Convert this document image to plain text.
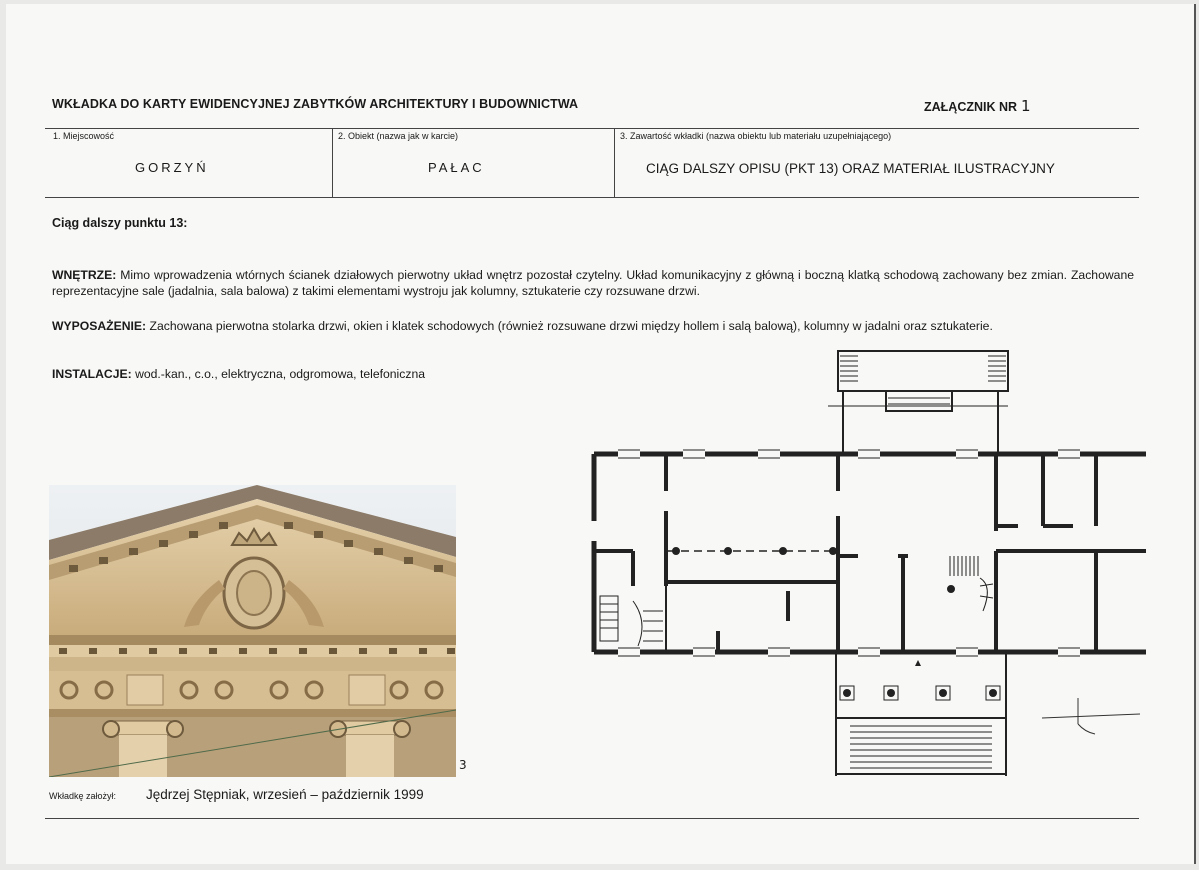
WKŁADKA DO KARTY EWIDENCYJNEJ ZABYTKÓW ARCHITEKTURY I BUDOWNICTWA	ZAŁĄCZNIK NR 1
1. Miejscowość
GORZYŃ
2. Obiekt (nazwa jak w karcie)
PAŁAC
3. Zawartość wkładki (nazwa obiektu lub materiału uzupełniającego)
CIĄG DALSZY OPISU (PKT 13) ORAZ MATERIAŁ ILUSTRACYJNY
Ciąg dalszy punktu 13:
WNĘTRZE: Mimo wprowadzenia wtórnych ścianek działowych pierwotny układ wnętrz pozostał czytelny. Układ komunikacyjny z główną i boczną klatką schodową zachowany bez zmian. Zachowane reprezentacyjne sale (jadalnia, sala balowa) z takimi elementami wystroju jak kolumny, sztukaterie czy rozsuwane drzwi.
WYPOSAŻENIE: Zachowana pierwotna stolarka drzwi, okien i klatek schodowych (również rozsuwane drzwi między hollem i salą balową), kolumny w jadalni oraz sztukaterie.
INSTALACJE: wod.-kan., c.o., elektryczna, odgromowa, telefoniczna
3
Wkładkę założył: Jędrzej Stępniak, wrzesień – październik 1999
